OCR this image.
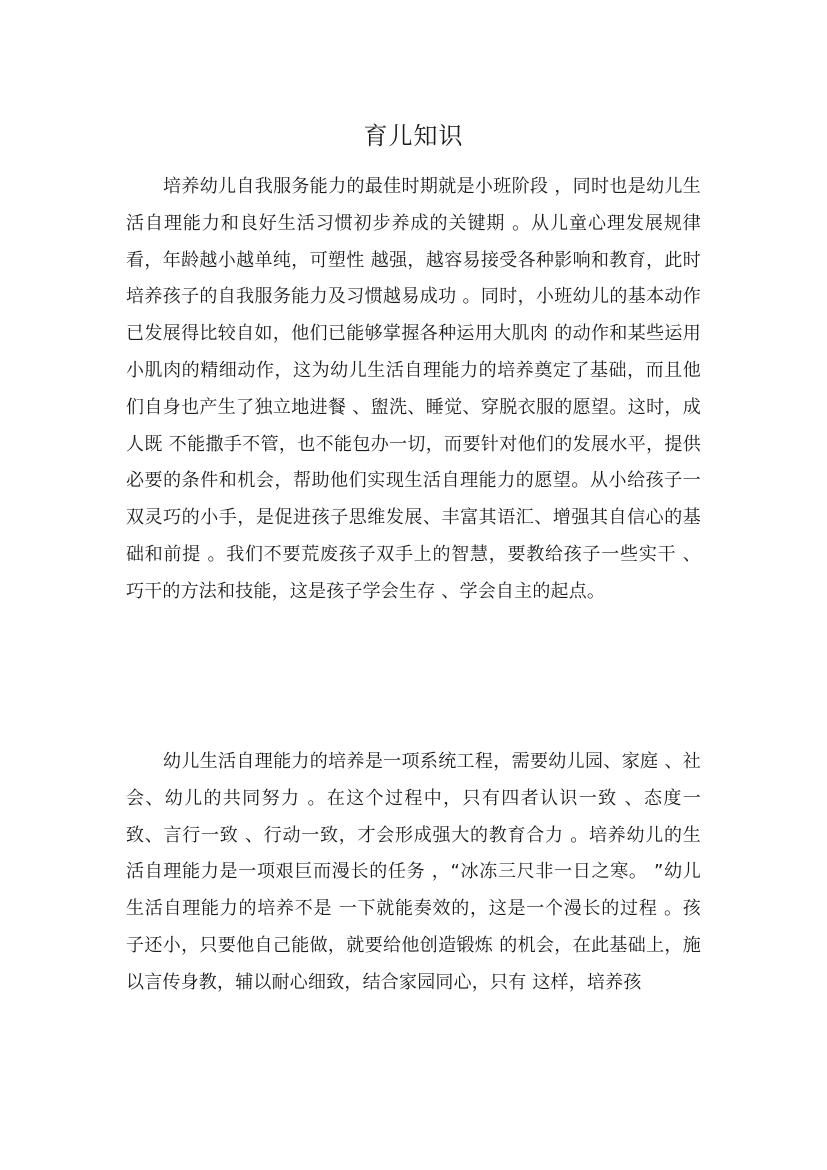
育儿知识

培养幼儿自我服务能力的最佳时期就是小班阶段 ，同时也是幼儿生活自理能力和良好生活习惯初步养成的关键期 。从儿童心理发展规律看，年龄越小越单纯，可塑性 越强，越容易接受各种影响和教育，此时培养孩子的自我服务能力及习惯越易成功 。同时，小班幼儿的基本动作已发展得比较自如，他们已能够掌握各种运用大肌肉 的动作和某些运用小肌肉的精细动作，这为幼儿生活自理能力的培养奠定了基础，而且他们自身也产生了独立地进餐 、盥洗、睡觉、穿脱衣服的愿望。这时，成人既 不能撒手不管，也不能包办一切，而要针对他们的发展水平，提供必要的条件和机会，帮助他们实现生活自理能力的愿望。从小给孩子一双灵巧的小手，是促进孩子思维发展、丰富其语汇、增强其自信心的基础和前提 。我们不要荒废孩子双手上的智慧，要教给孩子一些实干 、巧干的方法和技能，这是孩子学会生存 、学会自主的起点。

幼儿生活自理能力的培养是一项系统工程，需要幼儿园、家庭 、社会、幼儿的共同努力 。在这个过程中，只有四者认识一致 、态度一致、言行一致 、行动一致，才会形成强大的教育合力 。培养幼儿的生活自理能力是一项艰巨而漫长的任务 ，“冰冻三尺非一日之寒。 ”幼儿生活自理能力的培养不是 一下就能奏效的，这是一个漫长的过程 。孩子还小，只要他自己能做，就要给他创造锻炼 的机会，在此基础上，施以言传身教，辅以耐心细致，结合家园同心，只有 这样，培养孩
